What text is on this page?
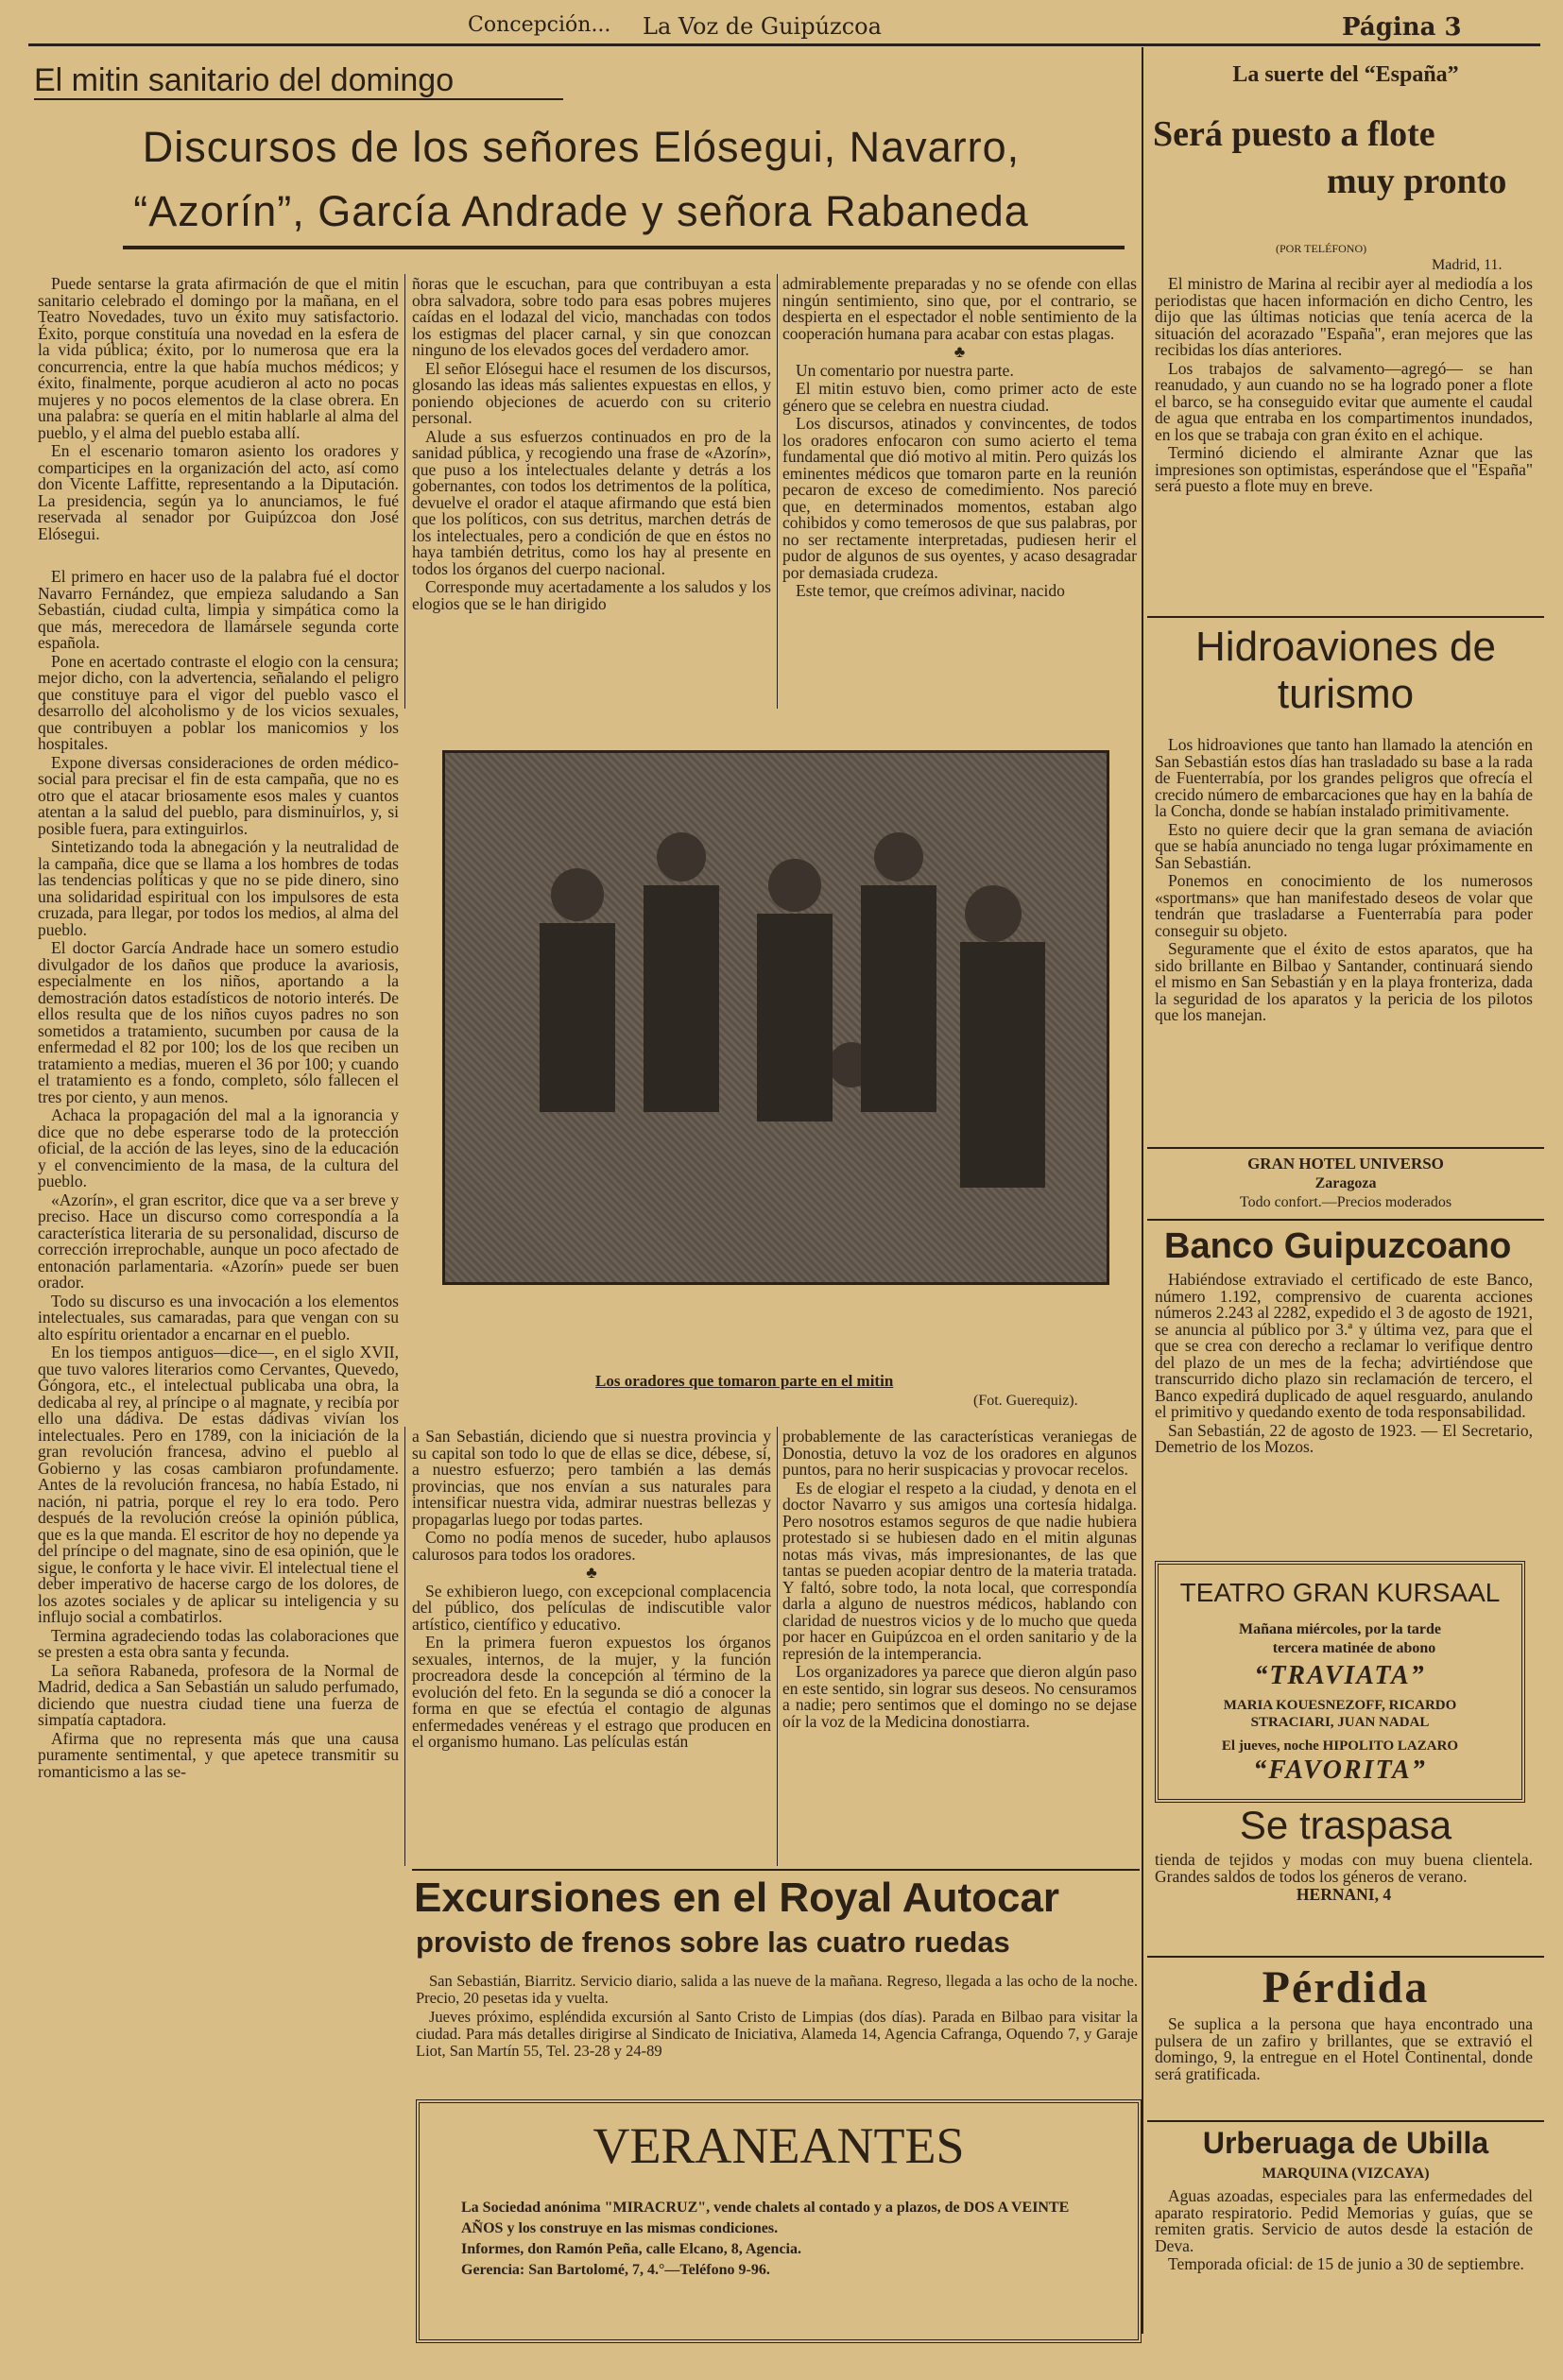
Concepción... La Voz de Guipúzcoa	Página 3
El mitin sanitario del domingo
Discursos de los señores Elósegui, Navarro,
“Azorín”, García Andrade y señora Rabaneda

Puede sentarse la grata afirmación de que el mitin sanitario celebrado el domingo por la mañana, en el Teatro Novedades, tuvo un éxito muy satisfactorio. Éxito, porque constituía una novedad en la esfera de la vida pública; éxito, por lo numerosa que era la concurrencia, entre la que había muchos médicos; y éxito, finalmente, porque acudieron al acto no pocas mujeres y no pocos elementos de la clase obrera. En una palabra: se quería en el mitin hablarle al alma del pueblo, y el alma del pueblo estaba allí.

En el escenario tomaron asiento los oradores y comparticipes en la organización del acto, así como don Vicente Laffitte, representando a la Diputación. La presidencia, según ya lo anunciamos, le fué reservada al senador por Guipúzcoa don José Elósegui.

El primero en hacer uso de la palabra fué el doctor Navarro Fernández, que empieza saludando a San Sebastián, ciudad culta, limpia y simpática como la que más, merecedora de llamársele segunda corte española.

Pone en acertado contraste el elogio con la censura; mejor dicho, con la advertencia, señalando el peligro que constituye para el vigor del pueblo vasco el desarrollo del alcoholismo y de los vicios sexuales, que contribuyen a poblar los manicomios y los hospitales.

Expone diversas consideraciones de orden médico-social para precisar el fin de esta campaña, que no es otro que el atacar briosamente esos males y cuantos atentan a la salud del pueblo, para disminuirlos, y, si posible fuera, para extinguirlos.

Sintetizando toda la abnegación y la neutralidad de la campaña, dice que se llama a los hombres de todas las tendencias políticas y que no se pide dinero, sino una solidaridad espiritual con los impulsores de esta cruzada, para llegar, por todos los medios, al alma del pueblo.

El doctor García Andrade hace un somero estudio divulgador de los daños que produce la avariosis, especialmente en los niños, aportando a la demostración datos estadísticos de notorio interés. De ellos resulta que de los niños cuyos padres no son sometidos a tratamiento, sucumben por causa de la enfermedad el 82 por 100; los de los que reciben un tratamiento a medias, mueren el 36 por 100; y cuando el tratamiento es a fondo, completo, sólo fallecen el tres por ciento, y aun menos.

Achaca la propagación del mal a la ignorancia y dice que no debe esperarse todo de la protección oficial, de la acción de las leyes, sino de la educación y el convencimiento de la masa, de la cultura del pueblo.

«Azorín», el gran escritor, dice que va a ser breve y preciso. Hace un discurso como correspondía a la característica literaria de su personalidad, discurso de corrección irreprochable, aunque un poco afectado de entonación parlamentaria. «Azorín» puede ser buen orador.

Todo su discurso es una invocación a los elementos intelectuales, sus camaradas, para que vengan con su alto espíritu orientador a encarnar en el pueblo.

En los tiempos antiguos—dice—, en el siglo XVII, que tuvo valores literarios como Cervantes, Quevedo, Góngora, etc., el intelectual publicaba una obra, la dedicaba al rey, al príncipe o al magnate, y recibía por ello una dádiva. De estas dádivas vivían los intelectuales. Pero en 1789, con la iniciación de la gran revolución francesa, advino el pueblo al Gobierno y las cosas cambiaron profundamente. Antes de la revolución francesa, no había Estado, ni nación, ni patria, porque el rey lo era todo. Pero después de la revolución creóse la opinión pública, que es la que manda. El escritor de hoy no depende ya del príncipe o del magnate, sino de esa opinión, que le sigue, le conforta y le hace vivir. El intelectual tiene el deber imperativo de hacerse cargo de los dolores, de los azotes sociales y de aplicar su inteligencia y su influjo social a combatirlos.

Termina agradeciendo todas las colaboraciones que se presten a esta obra santa y fecunda.

La señora Rabaneda, profesora de la Normal de Madrid, dedica a San Sebastián un saludo perfumado, diciendo que nuestra ciudad tiene una fuerza de simpatía captadora.

Afirma que no representa más que una causa puramente sentimental, y que apetece transmitir su romanticismo a las se-

ñoras que le escuchan, para que contribuyan a esta obra salvadora, sobre todo para esas pobres mujeres caídas en el lodazal del vicio, manchadas con todos los estigmas del placer carnal, y sin que conozcan ninguno de los elevados goces del verdadero amor.

El señor Elósegui hace el resumen de los discursos, glosando las ideas más salientes expuestas en ellos, y poniendo objeciones de acuerdo con su criterio personal.

Alude a sus esfuerzos continuados en pro de la sanidad pública, y recogiendo una frase de «Azorín», que puso a los intelectuales delante y detrás a los gobernantes, con todos los detrimentos de la política, devuelve el orador el ataque afirmando que está bien que los políticos, con sus detritus, marchen detrás de los intelectuales, pero a condición de que en éstos no haya también detritus, como los hay al presente en todos los órganos del cuerpo nacional.

Corresponde muy acertadamente a los saludos y los elogios que se le han dirigido

admirablemente preparadas y no se ofende con ellas ningún sentimiento, sino que, por el contrario, se despierta en el espectador el noble sentimiento de la cooperación humana para acabar con estas plagas.

♣

Un comentario por nuestra parte.

El mitin estuvo bien, como primer acto de este género que se celebra en nuestra ciudad.

Los discursos, atinados y convincentes, de todos los oradores enfocaron con sumo acierto el tema fundamental que dió motivo al mitin. Pero quizás los eminentes médicos que tomaron parte en la reunión pecaron de exceso de comedimiento. Nos pareció que, en determinados momentos, estaban algo cohibidos y como temerosos de que sus palabras, por no ser rectamente interpretadas, pudiesen herir el pudor de algunos de sus oyentes, y acaso desagradar por demasiada crudeza.

Este temor, que creímos adivinar, nacido

Los oradores que tomaron parte en el mitin
(Fot. Guerequiz).

a San Sebastián, diciendo que si nuestra provincia y su capital son todo lo que de ellas se dice, débese, sí, a nuestro esfuerzo; pero también a las demás provincias, que nos envían a sus naturales para intensificar nuestra vida, admirar nuestras bellezas y propagarlas luego por todas partes.

Como no podía menos de suceder, hubo aplausos calurosos para todos los oradores.

♣

Se exhibieron luego, con excepcional complacencia del público, dos películas de indiscutible valor artístico, científico y educativo.

En la primera fueron expuestos los órganos sexuales, internos, de la mujer, y la función procreadora desde la concepción al término de la evolución del feto. En la segunda se dió a conocer la forma en que se efectúa el contagio de algunas enfermedades venéreas y el estrago que producen en el organismo humano. Las películas están

probablemente de las características veraniegas de Donostia, detuvo la voz de los oradores en algunos puntos, para no herir suspicacias y provocar recelos.

Es de elogiar el respeto a la ciudad, y denota en el doctor Navarro y sus amigos una cortesía hidalga. Pero nosotros estamos seguros de que nadie hubiera protestado si se hubiesen dado en el mitin algunas notas más vivas, más impresionantes, de las que tantas se pueden acopiar dentro de la materia tratada. Y faltó, sobre todo, la nota local, que correspondía darla a alguno de nuestros médicos, hablando con claridad de nuestros vicios y de lo mucho que queda por hacer en Guipúzcoa en el orden sanitario y de la represión de la intemperancia.

Los organizadores ya parece que dieron algún paso en este sentido, sin lograr sus deseos. No censuramos a nadie; pero sentimos que el domingo no se dejase oír la voz de la Medicina donostiarra.

Excursiones en el Royal Autocar
provisto de frenos sobre las cuatro ruedas

San Sebastián, Biarritz. Servicio diario, salida a las nueve de la mañana. Regreso, llegada a las ocho de la noche. Precio, 20 pesetas ida y vuelta.

Jueves próximo, espléndida excursión al Santo Cristo de Limpias (dos días). Parada en Bilbao para visitar la ciudad. Para más detalles dirigirse al Sindicato de Iniciativa, Alameda 14, Agencia Cafranga, Oquendo 7, y Garaje Liot, San Martín 55, Tel. 23-28 y 24-89

VERANEANTES
La Sociedad anónima "MIRACRUZ", vende chalets al contado y a plazos, de DOS A VEINTE AÑOS y los construye en las mismas condiciones.
Informes, don Ramón Peña, calle Elcano, 8, Agencia.
Gerencia: San Bartolomé, 7, 4.°—Teléfono 9-96.
La suerte del “España”
Será puesto a flote
muy pronto
(POR TELÉFONO)
Madrid, 11.

El ministro de Marina al recibir ayer al mediodía a los periodistas que hacen información en dicho Centro, les dijo que las últimas noticias que tenía acerca de la situación del acorazado "España", eran mejores que las recibidas los días anteriores.

Los trabajos de salvamento—agregó— se han reanudado, y aun cuando no se ha logrado poner a flote el barco, se ha conseguido evitar que aumente el caudal de agua que entraba en los compartimentos inundados, en los que se trabaja con gran éxito en el achique.

Terminó diciendo el almirante Aznar que las impresiones son optimistas, esperándose que el "España" será puesto a flote muy en breve.

Hidroaviones de
turismo

Los hidroaviones que tanto han llamado la atención en San Sebastián estos días han trasladado su base a la rada de Fuenterrabía, por los grandes peligros que ofrecía el crecido número de embarcaciones que hay en la bahía de la Concha, donde se habían instalado primitivamente.

Esto no quiere decir que la gran semana de aviación que se había anunciado no tenga lugar próximamente en San Sebastián.

Ponemos en conocimiento de los numerosos «sportmans» que han manifestado deseos de volar que tendrán que trasladarse a Fuenterrabía para poder conseguir su objeto.

Seguramente que el éxito de estos aparatos, que ha sido brillante en Bilbao y Santander, continuará siendo el mismo en San Sebastián y en la playa fronteriza, dada la seguridad de los aparatos y la pericia de los pilotos que los manejan.

GRAN HOTEL UNIVERSO
Zaragoza
Todo confort.—Precios moderados
Banco Guipuzcoano

Habiéndose extraviado el certificado de este Banco, número 1.192, comprensivo de cuarenta acciones números 2.243 al 2282, expedido el 3 de agosto de 1921, se anuncia al público por 3.ª y última vez, para que el que se crea con derecho a reclamar lo verifique dentro del plazo de un mes de la fecha; advirtiéndose que transcurrido dicho plazo sin reclamación de tercero, el Banco expedirá duplicado de aquel resguardo, anulando el primitivo y quedando exento de toda responsabilidad.

San Sebastián, 22 de agosto de 1923. — El Secretario, Demetrio de los Mozos.

TEATRO GRAN KURSAAL
Mañana miércoles, por la tarde
tercera matinée de abono
“TRAVIATA”
MARIA KOUESNEZOFF, RICARDO STRACIARI, JUAN NADAL
El jueves, noche HIPOLITO LAZARO
“FAVORITA”
Se traspasa

tienda de tejidos y modas con muy buena clientela. Grandes saldos de todos los géneros de verano.

HERNANI, 4

Pérdida

Se suplica a la persona que haya encontrado una pulsera de un zafiro y brillantes, que se extravió el domingo, 9, la entregue en el Hotel Continental, donde será gratificada.

Urberuaga de Ubilla
MARQUINA (VIZCAYA)

Aguas azoadas, especiales para las enfermedades del aparato respiratorio. Pedid Memorias y guías, que se remiten gratis. Servicio de autos desde la estación de Deva.

Temporada oficial: de 15 de junio a 30 de septiembre.
